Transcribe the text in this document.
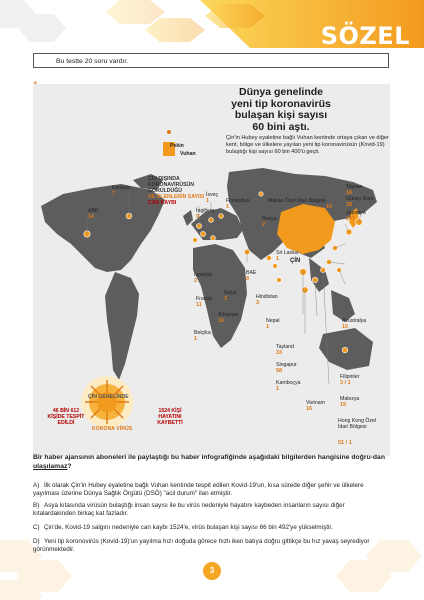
SÖZEL
Bu testte 20 soru vardır.
Dünya genelinde
yeni tip koronavirüs
bulaşan kişi sayısı
60 bini aştı.
Çin'in Hubey eyaletine bağlı Vuhan kentinde ortaya çıkan ve diğer kent, bölge ve ülkelere yayılan yeni tip koronavirüsün (Kovid-19) bulaştığı kişi sayısı 60 bin 400'ü geçti.
Pekin
Vuhan
ÇİN DIŞINDA
KORONAVİRÜSÜN
GÖRÜLDÜĞÜ
VE ÖLENLERİN SAYISI
CAN KAYBI
ÇİN
ABD
14
Kanada
7	İsveç
1	Finlandiya
1
İngiltere
9	Rusya
2
Almanya
16
Belçika
1
Fransa
11
İspanya
2
İtalya
3
BAE
8
Hindistan
3
Nepal
1
Sri Lanka
1
Tayland
33
Singapur
58
Kamboçya
1
Vietnam
16
Malezya
19
Filipinler
3 / 1
Hong Kong Özel İdari Bölgesi
51 / 1
Makao Özel İdari Bölgesi
10
Tayvan
18
Güney Kore
28
Japonya
247
Avustralya
15
ÇİN GENELİNDE
KORONA VİRÜS
46 BİN 612 KİŞİDE TESPİT EDİLDİ
1524 KİŞİ HAYATINI KAYBETTİ
Bir haber ajansının aboneleri ile paylaştığı bu haber infografiğinde aşağıdaki bilgilerden hangisine doğru-dan ulaşılamaz?
A) İlk olarak Çin'in Hubey eyaletine bağlı Vuhan kentinde tespit edilen Kovid-19'un, kısa sürede diğer şehir ve ülkelere yayılması üzerine Dünya Sağlık Örgütü (DSÖ) "acil durum" ilan etmiştir.
B) Asya kıtasında virüsün bulaştığı insan sayısı ile bu virüs nedeniyle hayatını kaybeden insanların sayısı diğer kıtalardakinden birkaç kat fazladır.
C) Çin'de, Kovid-19 salgını nedeniyle can kaybı 1524'e, virüs bulaşan kişi sayısı 66 bin 492'ye yükselmiştir.
D) Yeni tip koronovirüs (Kovid-19)'un yayılma hızı doğuda görece hızlı iken batıya doğru gittikçe bu hız yavaş seyrediyor görünmektedir.
3
